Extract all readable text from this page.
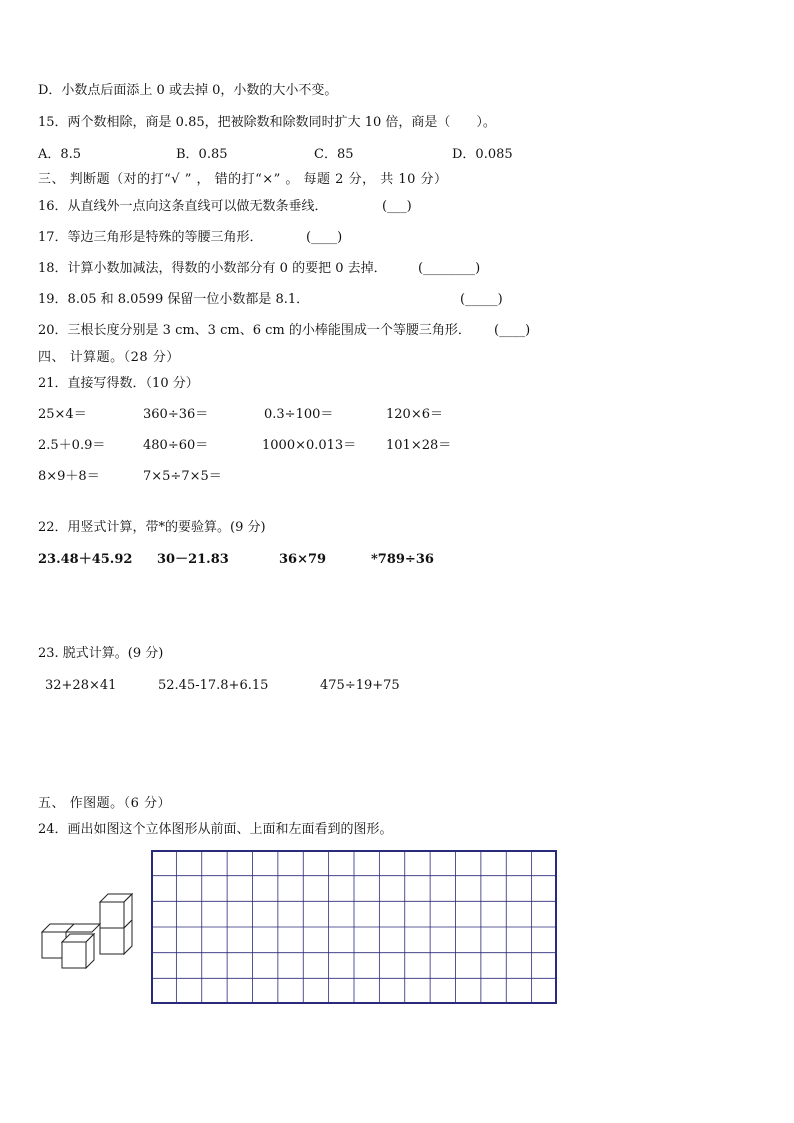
D．小数点后面添上 0 或去掉 0，小数的大小不变。
15．两个数相除，商是 0.85，把被除数和除数同时扩大 10 倍，商是（　　）。
A．8.5	B．0.85	C．85	D．0.085
三、 判断题（对的打“√ ” ， 错的打“×” 。 每题 2 分， 共 10 分）
16．从直线外一点向这条直线可以做无数条垂线．	(___)
17．等边三角形是特殊的等腰三角形．	(____)
18．计算小数加减法，得数的小数部分有 0 的要把 0 去掉． (________)
19．8.05 和 8.0599 保留一位小数都是 8.1．	(_____)
20．三根长度分别是 3 cm、3 cm、6 cm 的小棒能围成一个等腰三角形． (____)
四、 计算题。（28 分）
21．直接写得数．（10 分）
25×4＝	360÷36＝	0.3÷100＝	120×6＝
2.5＋0.9＝	480÷60＝	1000×0.013＝ 101×28＝
8×9＋8＝	7×5÷7×5＝
22．用竖式计算，带*的要验算。(9 分)
23.48＋45.92 30－21.83	36×79	*789÷36
23. 脱式计算。(9 分)
32+28×41	52.45-17.8+6.15	475÷19+75
五、 作图题。（6 分）
24．画出如图这个立体图形从前面、上面和左面看到的图形。
